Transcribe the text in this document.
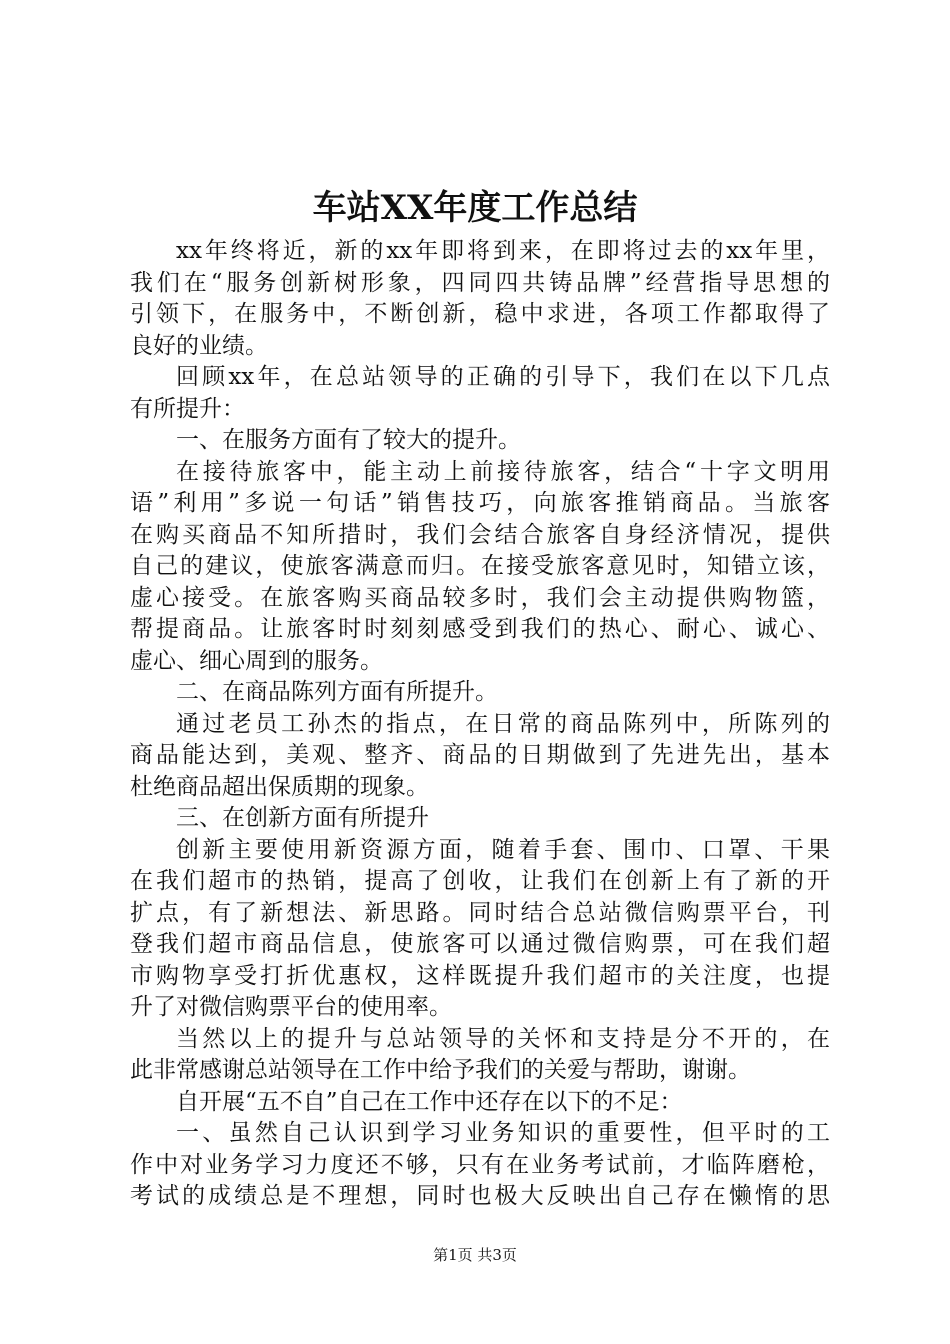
车站XX年度工作总结
xx年终将近，新的xx年即将到来，在即将过去的xx年里，
我们在“服务创新树形象，四同四共铸品牌”经营指导思想的
引领下，在服务中，不断创新，稳中求进，各项工作都取得了
良好的业绩。
回顾xx年，在总站领导的正确的引导下，我们在以下几点
有所提升：
一、在服务方面有了较大的提升。
在接待旅客中，能主动上前接待旅客，结合“十字文明用
语”利用”多说一句话”销售技巧，向旅客推销商品。当旅客
在购买商品不知所措时，我们会结合旅客自身经济情况，提供
自己的建议，使旅客满意而归。在接受旅客意见时，知错立该，
虚心接受。在旅客购买商品较多时，我们会主动提供购物篮，
帮提商品。让旅客时时刻刻感受到我们的热心、耐心、诚心、
虚心、细心周到的服务。
二、在商品陈列方面有所提升。
通过老员工孙杰的指点，在日常的商品陈列中，所陈列的
商品能达到，美观、整齐、商品的日期做到了先进先出，基本
杜绝商品超出保质期的现象。
三、在创新方面有所提升
创新主要使用新资源方面，随着手套、围巾、口罩、干果
在我们超市的热销，提高了创收，让我们在创新上有了新的开
扩点，有了新想法、新思路。同时结合总站微信购票平台，刊
登我们超市商品信息，使旅客可以通过微信购票，可在我们超
市购物享受打折优惠权，这样既提升我们超市的关注度，也提
升了对微信购票平台的使用率。
当然以上的提升与总站领导的关怀和支持是分不开的，在
此非常感谢总站领导在工作中给予我们的关爱与帮助，谢谢。
自开展“五不自”自己在工作中还存在以下的不足：
一、虽然自己认识到学习业务知识的重要性，但平时的工
作中对业务学习力度还不够，只有在业务考试前，才临阵磨枪，
考试的成绩总是不理想，同时也极大反映出自己存在懒惰的思
第1页 共3页
